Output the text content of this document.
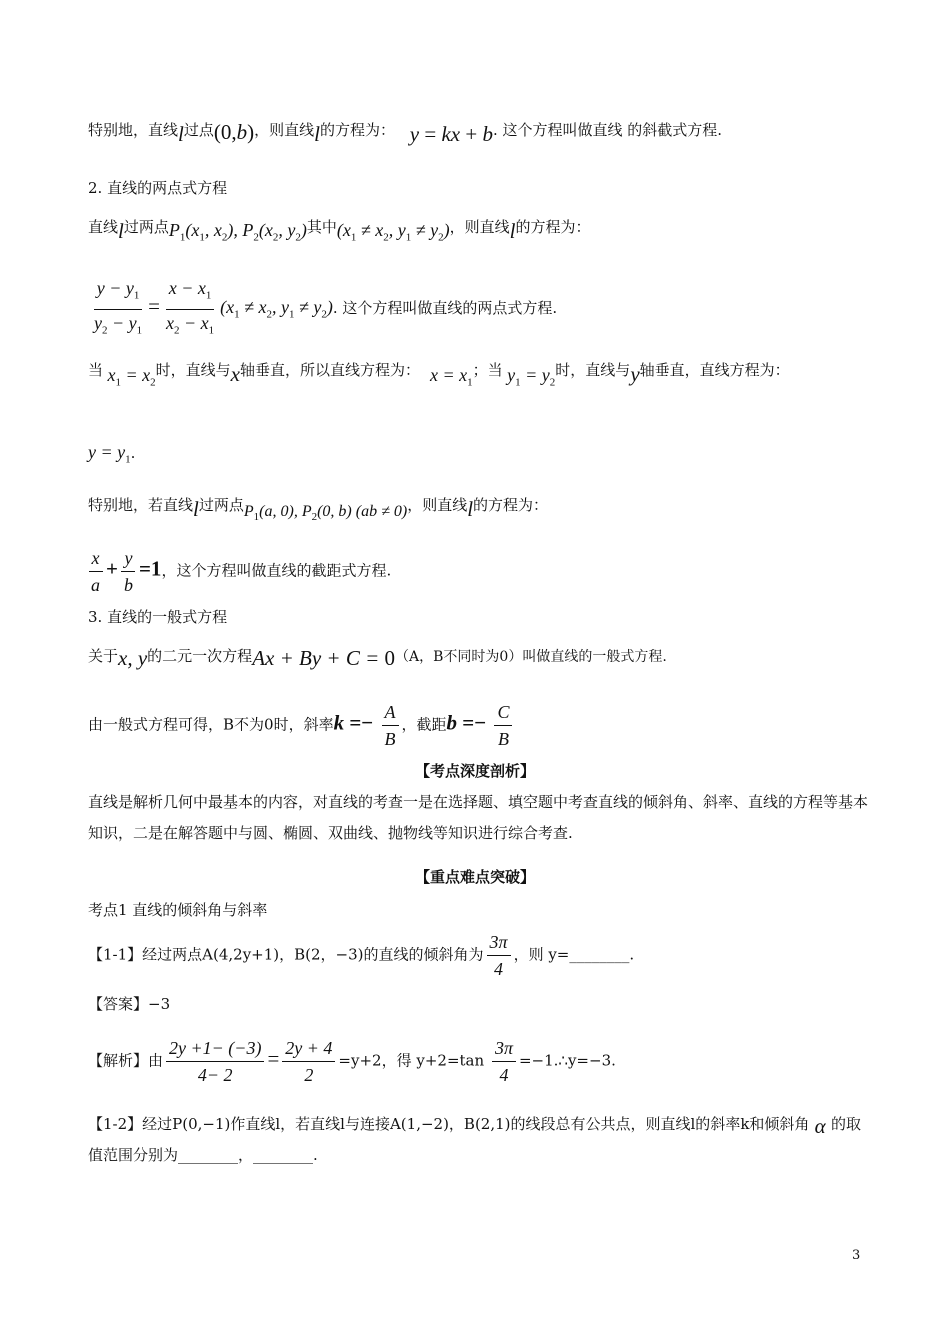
特别地，直线l过点(0,b)，则直线l的方程为： y = kx + b. 这个方程叫做直线 的斜截式方程.
2. 直线的两点式方程
直线l过两点$P_1(x_1$, $x_2$), $P_2(x_2$, $y_2$)其中($x_1 \ne x_2$, $y_1 \ne y_2$)，则直线l的方程为：
$\frac{y - y_1}{y_2 - y_1} = \frac{x - x_1}{x_2 - x_1} (x_1 \ne x_2$, $y_1 \ne y_2$). 这个方程叫做直线的两点式方程.
当 $x_1 = x_2$时，直线与x轴垂直，所以直线方程为： $x = x_1$；当 $y_1 = y_2$时，直线与y轴垂直，直线方程为：
$y = y_1$.
特别地，若直线l过两点$P_1(a$, 0), $P_2(0$, b) (ab ≠ 0)，则直线l的方程为：
$\frac{x}{a} + \frac{y}{b} =1$，这个方程叫做直线的截距式方程.
3. 直线的一般式方程
关于x, y的二元一次方程Ax + By + C = 0（A，B不同时为0）叫做直线的一般式方程.
由一般式方程可得，B不为0时，斜率$k =- \frac{A}{B}$ ，截距$b =- \frac{C}{B}$
【考点深度剖析】
直线是解析几何中最基本的内容，对直线的考查一是在选择题、填空题中考查直线的倾斜角、斜率、直线的方程等基本知识，二是在解答题中与圆、椭圆、双曲线、抛物线等知识进行综合考查.
【重点难点突破】
考点1 直线的倾斜角与斜率
【1-1】经过两点A(4,2y+1)，B(2，−3)的直线的倾斜角为 $\frac{3\pi}{4}$ ，则 y=________.
【答案】−3
【解析】由 $\frac{2y +1- (-3)}{4- 2} = \frac{2y + 4}{2} =y+2$，得 $y+2=\tan \frac{3\pi}{4}$ =−1.∴y=−3.
【1-2】经过P(0,−1)作直线l，若直线l与连接A(1,−2)，B(2,1)的线段总有公共点，则直线l的斜率k和倾斜角 α 的取值范围分别为________，________.
3
